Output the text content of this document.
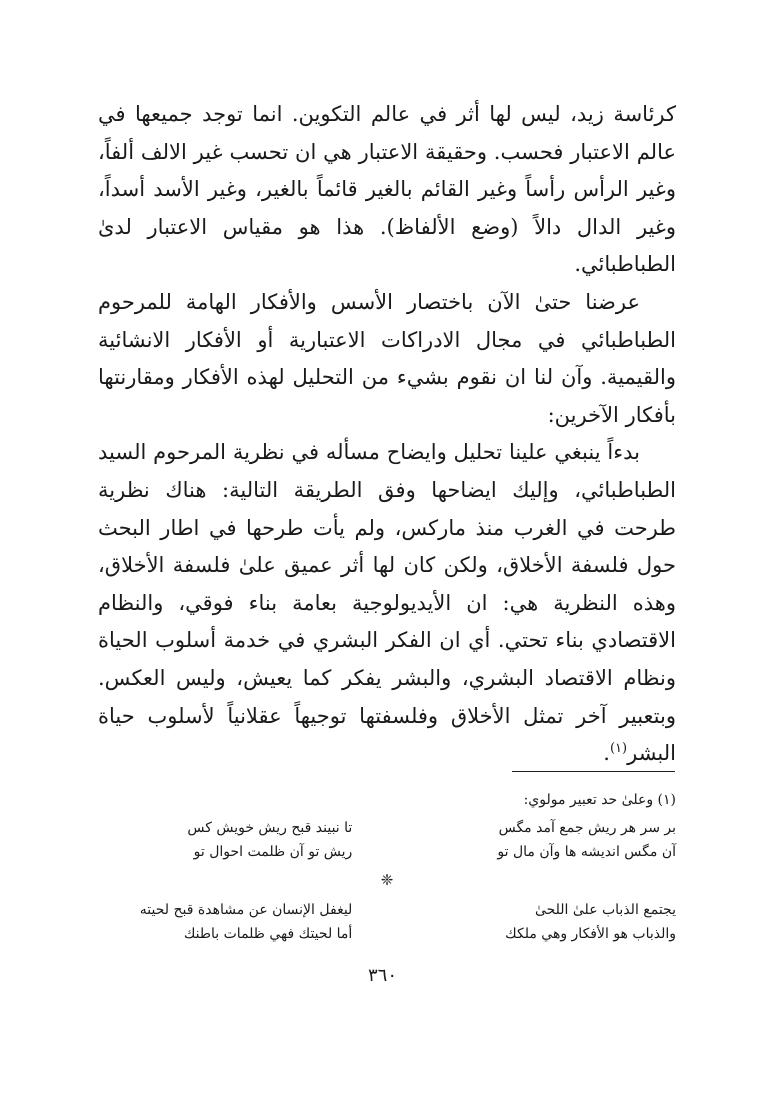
كرئاسة زيد، ليس لها أثر في عالم التكوين. انما توجد جميعها في عالم الاعتبار فحسب. وحقيقة الاعتبار هي ان تحسب غير الالف ألفاً، وغير الرأس رأساً وغير القائم بالغير قائماً بالغير، وغير الأسد أسداً، وغير الدال دالاً (وضع الألفاظ). هذا هو مقياس الاعتبار لدىٰ الطباطبائي.

عرضنا حتىٰ الآن باختصار الأسس والأفكار الهامة للمرحوم الطباطبائي في مجال الادراكات الاعتبارية أو الأفكار الانشائية والقيمية. وآن لنا ان نقوم بشيء من التحليل لهذه الأفكار ومقارنتها بأفكار الآخرين:

بدءاً ينبغي علينا تحليل وايضاح مسأله في نظرية المرحوم السيد الطباطبائي، وإليك ايضاحها وفق الطريقة التالية: هناك نظرية طرحت في الغرب منذ ماركس، ولم يأت طرحها في اطار البحث حول فلسفة الأخلاق، ولكن كان لها أثر عميق علىٰ فلسفة الأخلاق، وهذه النظرية هي: ان الأيديولوجية بعامة بناء فوقي، والنظام الاقتصادي بناء تحتي. أي ان الفكر البشري في خدمة أسلوب الحياة ونظام الاقتصاد البشري، والبشر يفكر كما يعيش، وليس العكس. وبتعبير آخر تمثل الأخلاق وفلسفتها توجيهاً عقلانياً لأسلوب حياة البشر$^{(١)}$.

(١) وعلىٰ حد تعبير مولوي:
بر سر هر ريش جمع آمد مگس
تا نبيند قبح ريش خويش كس
آن مگس انديشه ها وآن مال تو
ريش تو آن ظلمت احوال تو
❈
يجتمع الذباب علىٰ اللحىٰ
ليغفل الإنسان عن مشاهدة قبح لحيته
والذباب هو الأفكار وهي ملكك
أما لحيتك فهي ظلمات باطنك
٣٦٠
